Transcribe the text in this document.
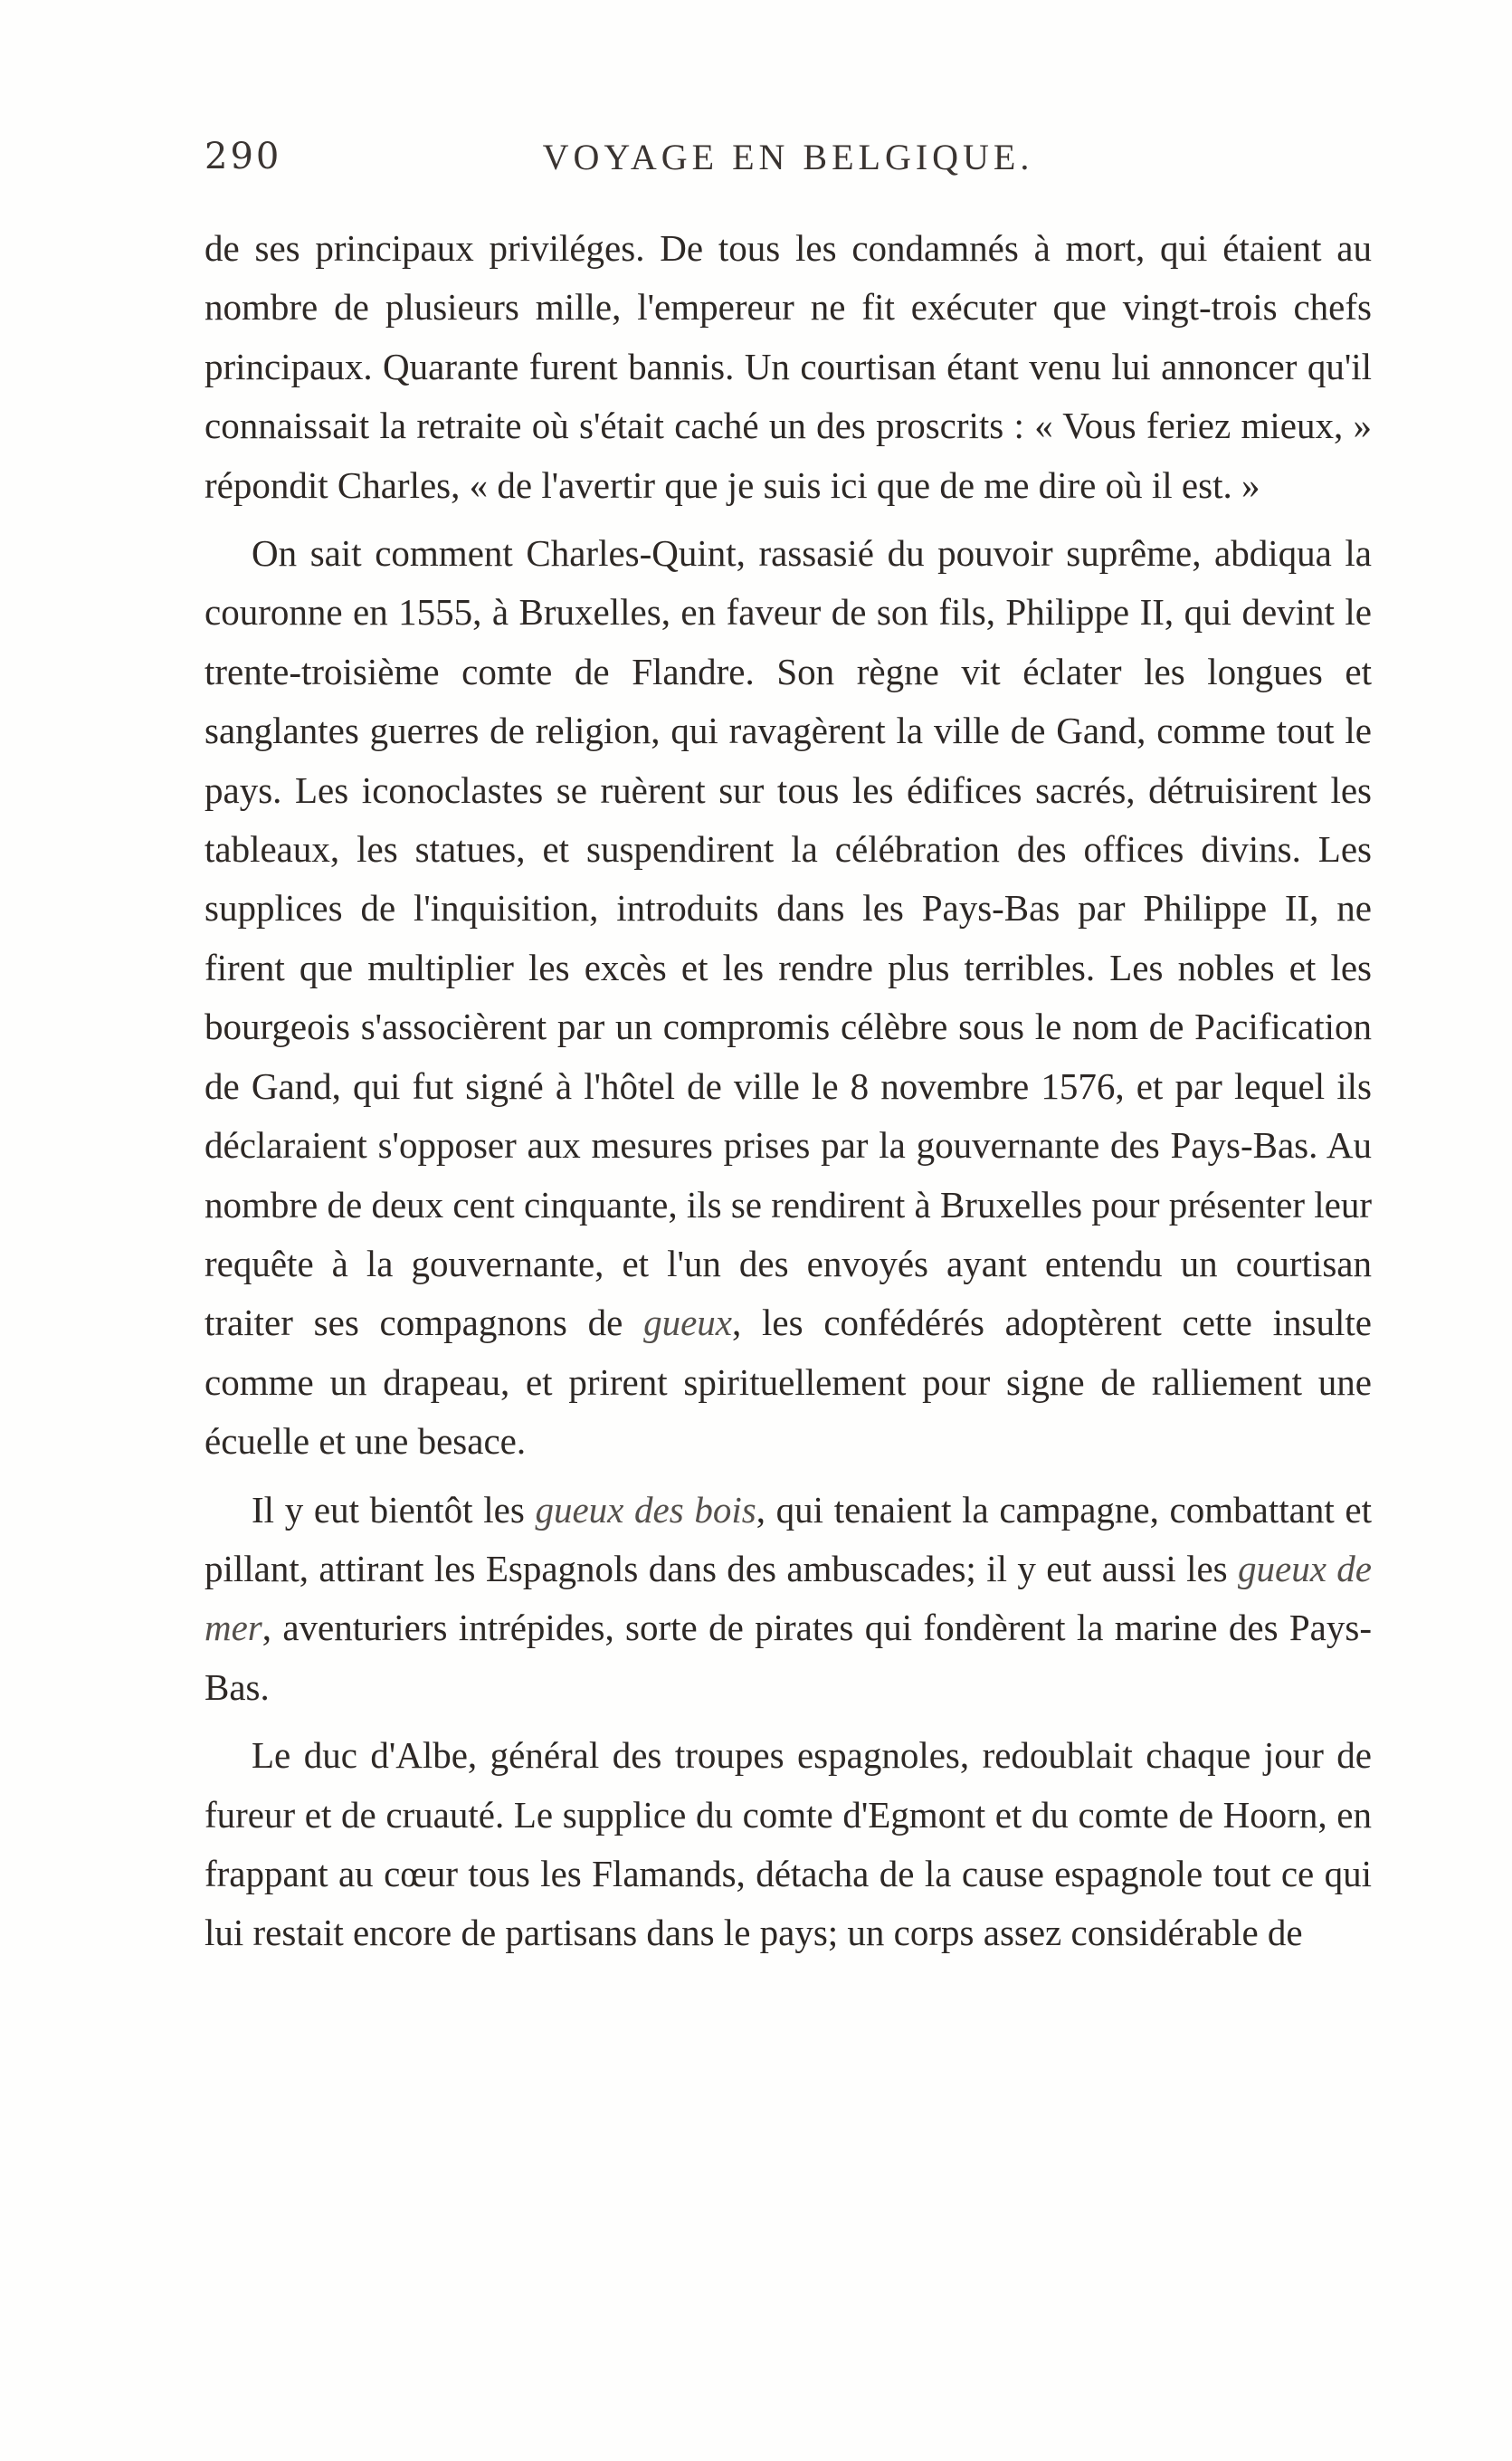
290	VOYAGE EN BELGIQUE.

de ses principaux priviléges. De tous les condamnés à mort, qui étaient au nombre de plusieurs mille, l'empereur ne fit exécuter que vingt-trois chefs principaux. Quarante furent bannis. Un courtisan étant venu lui annoncer qu'il connaissait la retraite où s'était caché un des proscrits : « Vous feriez mieux, » répondit Charles, « de l'avertir que je suis ici que de me dire où il est. »

On sait comment Charles-Quint, rassasié du pouvoir suprême, abdiqua la couronne en 1555, à Bruxelles, en faveur de son fils, Philippe II, qui devint le trente-troisième comte de Flandre. Son règne vit éclater les longues et sanglantes guerres de religion, qui ravagèrent la ville de Gand, comme tout le pays. Les iconoclastes se ruèrent sur tous les édifices sacrés, détruisirent les tableaux, les statues, et suspendirent la célébration des offices divins. Les supplices de l'inquisition, introduits dans les Pays-Bas par Philippe II, ne firent que multiplier les excès et les rendre plus terribles. Les nobles et les bourgeois s'associèrent par un compromis célèbre sous le nom de Pacification de Gand, qui fut signé à l'hôtel de ville le 8 novembre 1576, et par lequel ils déclaraient s'opposer aux mesures prises par la gouvernante des Pays-Bas. Au nombre de deux cent cinquante, ils se rendirent à Bruxelles pour présenter leur requête à la gouvernante, et l'un des envoyés ayant entendu un courtisan traiter ses compagnons de gueux, les confédérés adoptèrent cette insulte comme un drapeau, et prirent spirituellement pour signe de ralliement une écuelle et une besace.

Il y eut bientôt les gueux des bois, qui tenaient la campagne, combattant et pillant, attirant les Espagnols dans des ambuscades; il y eut aussi les gueux de mer, aventuriers intrépides, sorte de pirates qui fondèrent la marine des Pays-Bas.

Le duc d'Albe, général des troupes espagnoles, redoublait chaque jour de fureur et de cruauté. Le supplice du comte d'Egmont et du comte de Hoorn, en frappant au cœur tous les Flamands, détacha de la cause espagnole tout ce qui lui restait encore de partisans dans le pays; un corps assez considérable de
